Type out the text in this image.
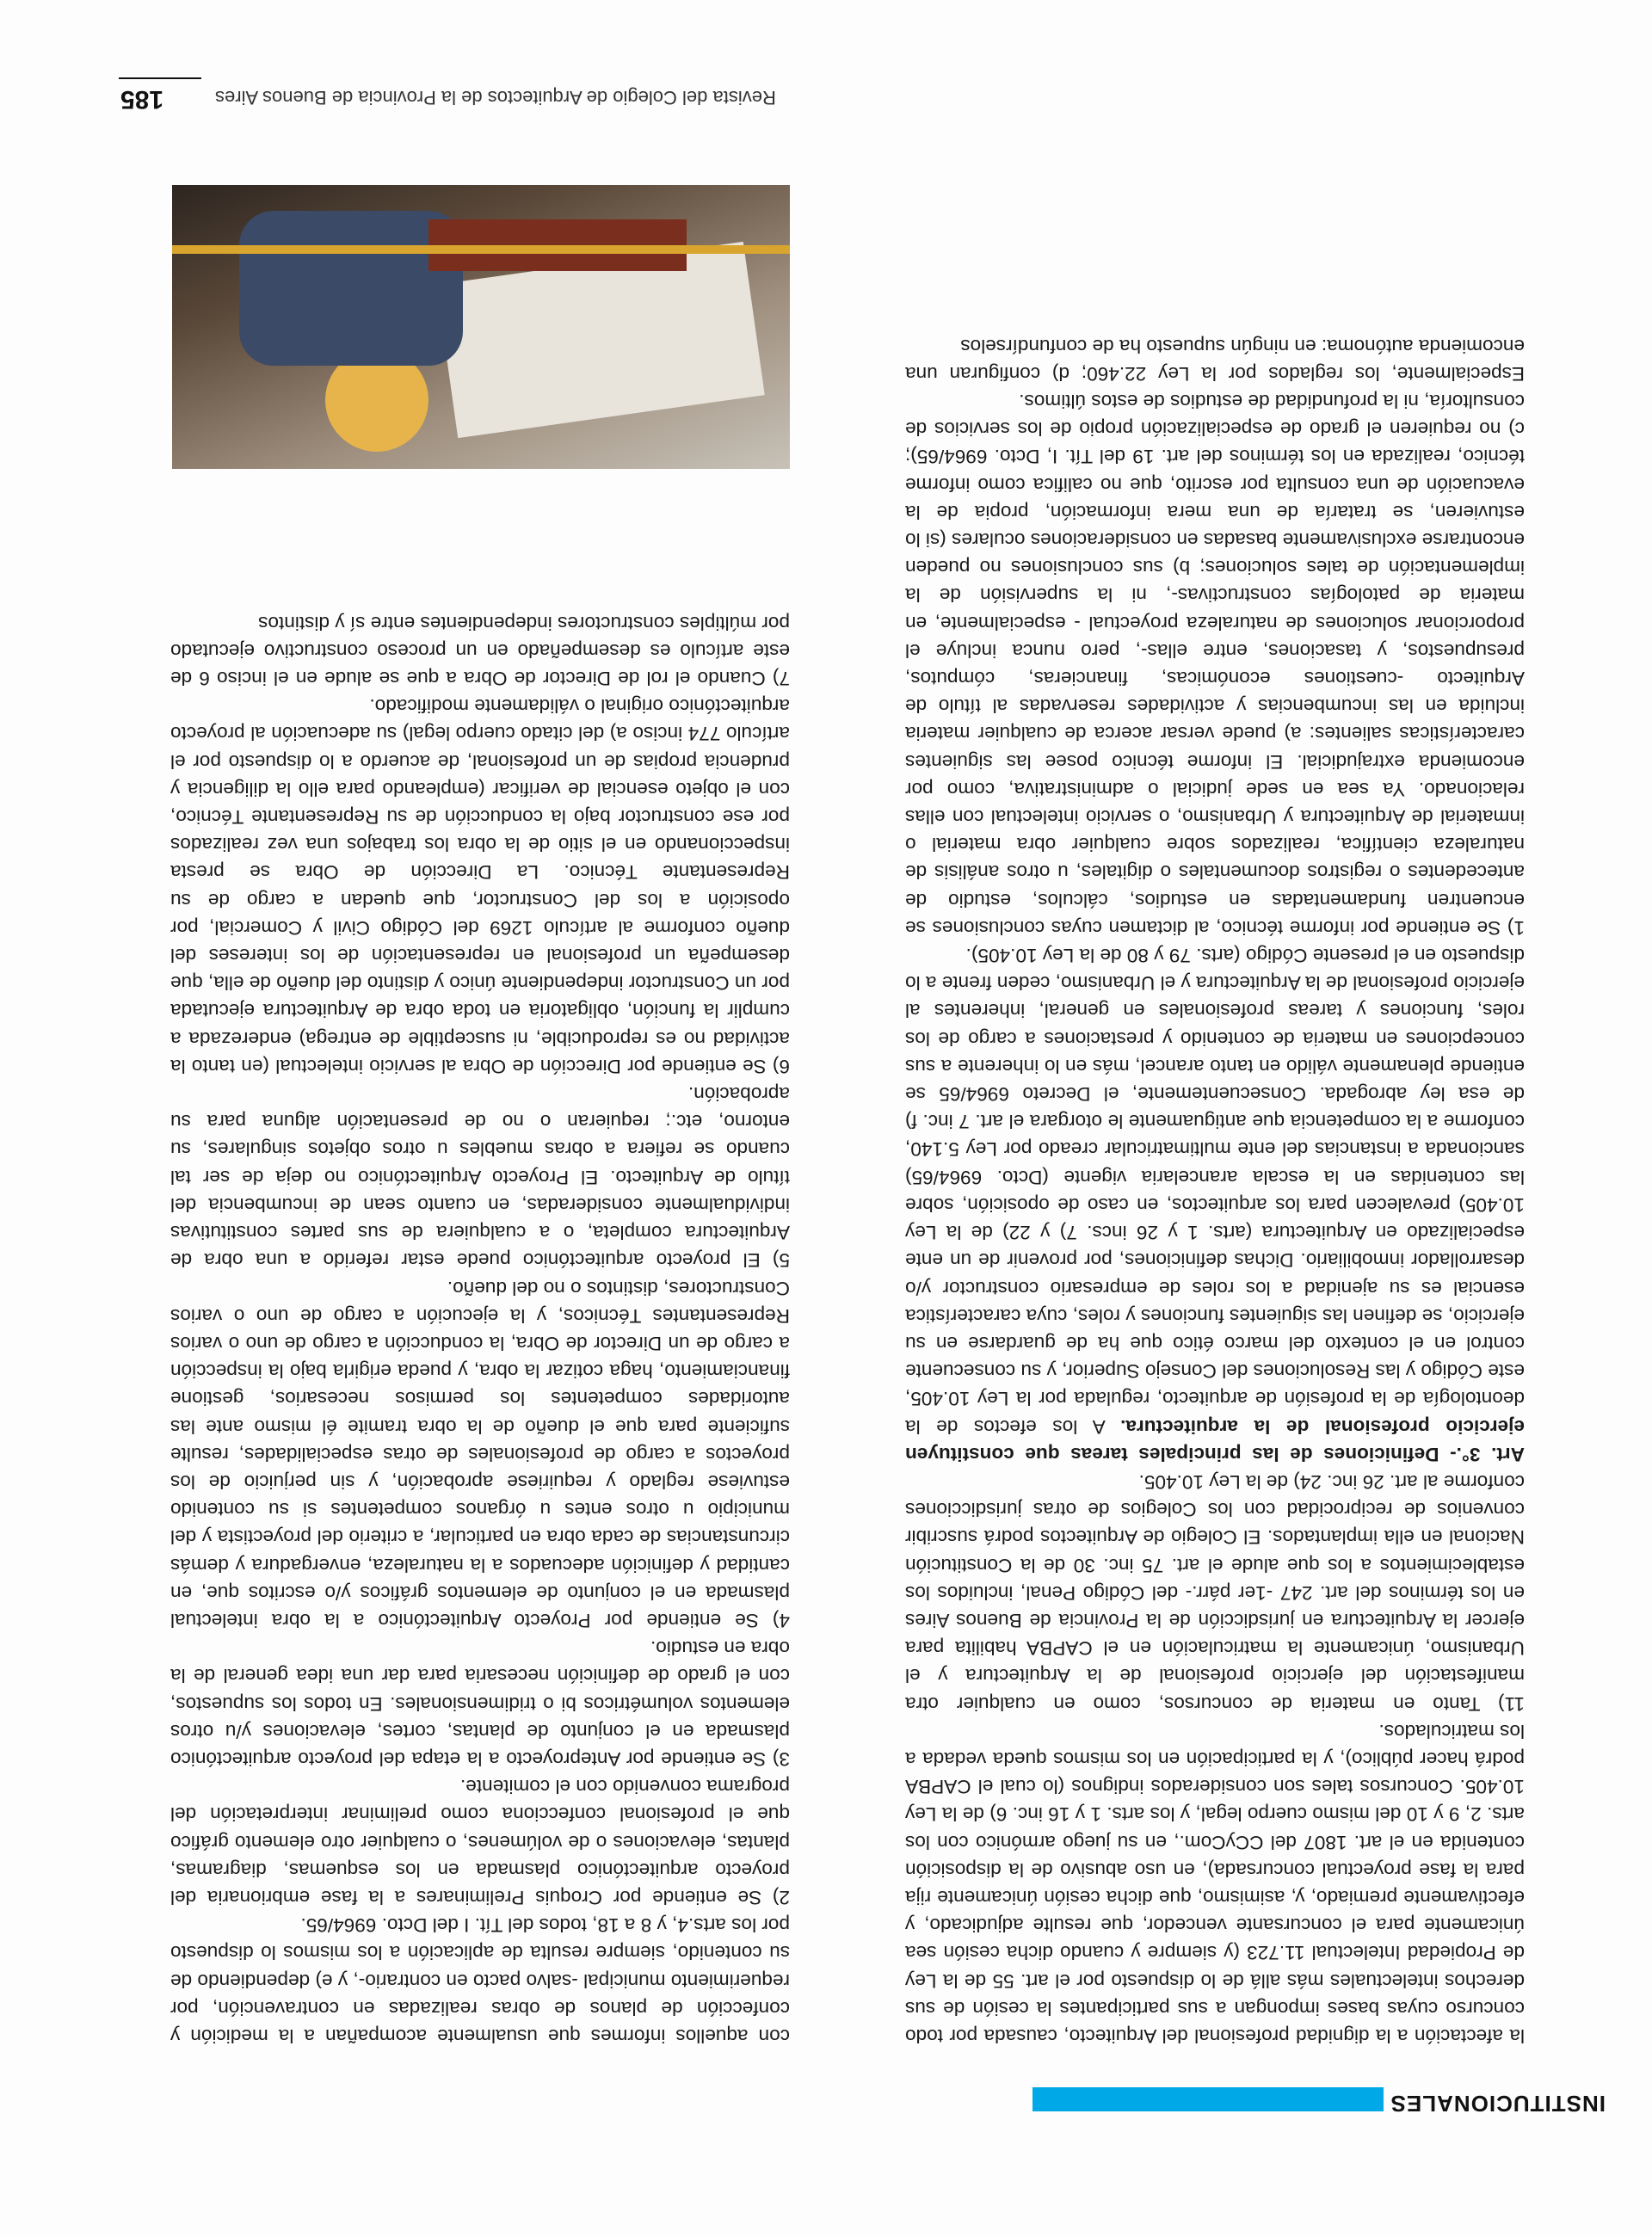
INSTITUCIONALES

la afectación a la dignidad profesional del Arquitecto, causada por todo concurso cuyas bases impongan a sus participantes la cesión de sus derechos intelectuales más allá de lo dispuesto por el art. 55 de la Ley de Propiedad Intelectual 11.723 (y siempre y cuando dicha cesión sea únicamente para el concursante vencedor, que resulte adjudicado, y efectivamente premiado, y, asimismo, que dicha cesión únicamente rija para la fase proyectual concursada), en uso abusivo de la disposición contenida en el art. 1807 del CCyCom., en su juego armónico con los arts. 2, 9 y 10 del mismo cuerpo legal, y los arts. 1 y 16 inc. 6) de la Ley 10.405. Concursos tales son considerados indignos (lo cual el CAPBA podrá hacer público), y la participación en los mismos queda vedada a los matriculados.

11) Tanto en materia de concursos, como en cualquier otra manifestación del ejercicio profesional de la Arquitectura y el Urbanismo, únicamente la matriculación en el CAPBA habilita para ejercer la Arquitectura en jurisdicción de la Provincia de Buenos Aires en los términos del art. 247 -1er párr.- del Código Penal, incluidos los establecimientos a los que alude el art. 75 inc. 30 de la Constitución Nacional en ella implantados. El Colegio de Arquitectos podrá suscribir convenios de reciprocidad con los Colegios de otras jurisdicciones conforme al art. 26 inc. 24) de la Ley 10.405.

Art. 3°.- Definiciones de las principales tareas que constituyen ejercicio profesional de la arquitectura. A los efectos de la deontología de la profesión de arquitecto, regulada por la Ley 10.405, este Código y las Resoluciones del Consejo Superior, y su consecuente control en el contexto del marco ético que ha de guardarse en su ejercicio, se definen las siguientes funciones y roles, cuya característica esencial es su ajenidad a los roles de empresario constructor y/o desarrollador inmobiliario. Dichas definiciones, por provenir de un ente especializado en Arquitectura (arts. 1 y 26 incs. 7) y 22) de la Ley 10.405) prevalecen para los arquitectos, en caso de oposición, sobre las contenidas en la escala arancelaria vigente (Dcto. 6964/65) sancionada a instancias del ente multimatricular creado por Ley 5.140, conforme a la competencia que antiguamente le otorgara el art. 7 inc. f) de esa ley abrogada. Consecuentemente, el Decreto 6964/65 se entiende plenamente válido en tanto arancel, más en lo inherente a sus concepciones en materia de contenido y prestaciones a cargo de los roles, funciones y tareas profesionales en general, inherentes al ejercicio profesional de la Arquitectura y el Urbanismo, ceden frente a lo dispuesto en el presente Código (arts. 79 y 80 de la Ley 10.405).

1) Se entiende por informe técnico, al dictamen cuyas conclusiones se encuentren fundamentadas en estudios, cálculos, estudio de antecedentes o registros documentales o digitales, u otros análisis de naturaleza científica, realizados sobre cualquier obra material o inmaterial de Arquitectura y Urbanismo, o servicio intelectual con ellas relacionado. Ya sea en sede judicial o administrativa, como por encomienda extrajudicial. El informe técnico posee las siguientes características salientes: a) puede versar acerca de cualquier materia incluida en las incumbencias y actividades reservadas al título de Arquitecto -cuestiones económicas, financieras, cómputos, presupuestos, y tasaciones, entre ellas-, pero nunca incluye el proporcionar soluciones de naturaleza proyectual - especialmente, en materia de patologías constructivas-, ni la supervisión de la implementación de tales soluciones; b) sus conclusiones no pueden encontrarse exclusivamente basadas en consideraciones oculares (si lo estuvieren, se trataría de una mera información, propia de la evacuación de una consulta por escrito, que no califica como informe técnico, realizada en los términos del art. 19 del Tít. I, Dcto. 6964/65); c) no requieren el grado de especialización propio de los servicios de consultoría, ni la profundidad de estudios de estos últimos.

Especialmente, los reglados por la Ley 22.460; d) configuran una encomienda autónoma: en ningún supuesto ha de confundírselos

con aquellos informes que usualmente acompañan a la medición y confección de planos de obras realizadas en contravención, por requerimiento municipal -salvo pacto en contrario-, y e) dependiendo de su contenido, siempre resulta de aplicación a los mismos lo dispuesto por los arts.4, y 8 a 18, todos del Tít. I del Dcto. 6964/65.

2) Se entiende por Croquis Preliminares a la fase embrionaria del proyecto arquitectónico plasmada en los esquemas, diagramas, plantas, elevaciones o de volúmenes, o cualquier otro elemento gráfico que el profesional confecciona como preliminar interpretación del programa convenido con el comitente.

3) Se entiende por Anteproyecto a la etapa del proyecto arquitectónico plasmada en el conjunto de plantas, cortes, elevaciones y/u otros elementos volumétricos bi o tridimensionales. En todos los supuestos, con el grado de definición necesaria para dar una idea general de la obra en estudio.

4) Se entiende por Proyecto Arquitectónico a la obra intelectual plasmada en el conjunto de elementos gráficos y/o escritos que, en cantidad y definición adecuados a la naturaleza, envergadura y demás circunstancias de cada obra en particular, a criterio del proyectista y del municipio u otros entes u órganos competentes si su contenido estuviese reglado y requiriese aprobación, y sin perjuicio de los proyectos a cargo de profesionales de otras especialidades, resulte suficiente para que el dueño de la obra tramite él mismo ante las autoridades competentes los permisos necesarios, gestione financiamiento, haga cotizar la obra, y pueda erigirla bajo la inspección a cargo de un Director de Obra, la conducción a cargo de uno o varios Representantes Técnicos, y la ejecución a cargo de uno o varios Constructores, distintos o no del dueño.

5) El proyecto arquitectónico puede estar referido a una obra de Arquitectura completa, o a cualquiera de sus partes constitutivas individualmente consideradas, en cuanto sean de incumbencia del título de Arquitecto. El Proyecto Arquitectónico no deja de ser tal cuando se refiera a obras muebles u otros objetos singulares, su entorno, etc.; requieran o no de presentación alguna para su aprobación.

6) Se entiende por Dirección de Obra al servicio intelectual (en tanto la actividad no es reproducible, ni susceptible de entrega) enderezada a cumplir la función, obligatoria en toda obra de Arquitectura ejecutada por un Constructor independiente único y distinto del dueño de ella, que desempeña un profesional en representación de los intereses del dueño conforme al artículo 1269 del Código Civil y Comercial, por oposición a los del Constructor, que quedan a cargo de su Representante Técnico. La Dirección de Obra se presta inspeccionando en el sitio de la obra los trabajos una vez realizados por ese constructor bajo la conducción de su Representante Técnico, con el objeto esencial de verificar (empleando para ello la diligencia y prudencia propias de un profesional, de acuerdo a lo dispuesto por el artículo 774 inciso a) del citado cuerpo legal) su adecuación al proyecto arquitectónico original o válidamente modificado.

7) Cuando el rol de Director de Obra a que se alude en el inciso 6 de este artículo es desempeñado en un proceso constructivo ejecutado por múltiples constructores independientes entre sí y distintos

Revista del Colegio de Arquitectos de la Provincia de Buenos Aires
185
